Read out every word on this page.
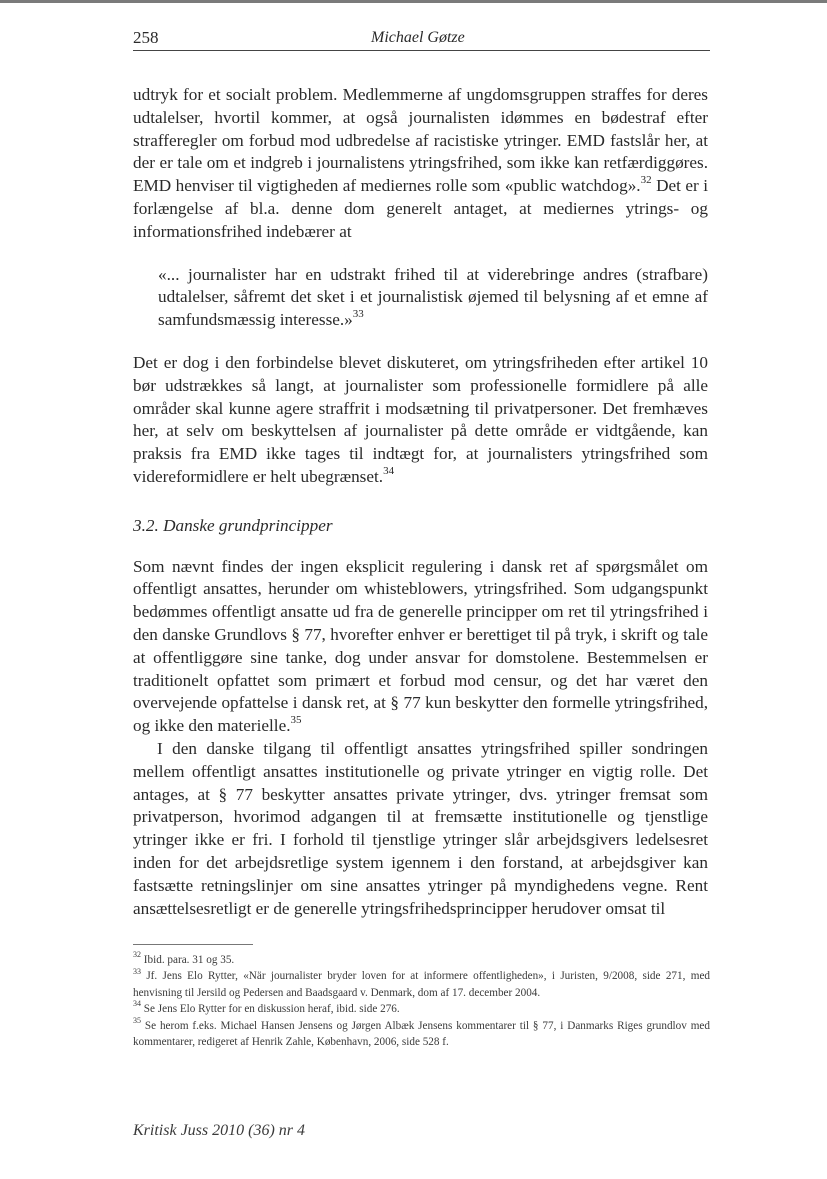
258	Michael Gøtze

udtryk for et socialt problem. Medlemmerne af ungdomsgruppen straffes for deres udtalelser, hvortil kommer, at også journalisten idømmes en bødestraf efter strafferegler om forbud mod udbredelse af racistiske ytringer. EMD fastslår her, at der er tale om et indgreb i journalistens ytringsfrihed, som ikke kan retfærdiggøres. EMD henviser til vigtigheden af mediernes rolle som «public watchdog».$^{32}$ Det er i forlængelse af bl.a. denne dom generelt antaget, at mediernes ytrings- og informationsfrihed indebærer at

«... journalister har en udstrakt frihed til at viderebringe andres (strafbare) udtalelser, såfremt det sket i et journalistisk øjemed til belysning af et emne af samfundsmæssig interesse.»$^{33}$

Det er dog i den forbindelse blevet diskuteret, om ytringsfriheden efter artikel 10 bør udstrækkes så langt, at journalister som professionelle formidlere på alle områder skal kunne agere straffrit i modsætning til privatpersoner. Det fremhæves her, at selv om beskyttelsen af journalister på dette område er vidtgående, kan praksis fra EMD ikke tages til indtægt for, at journalisters ytringsfrihed som videreformidlere er helt ubegrænset.$^{34}$

3.2. Danske grundprincipper

Som nævnt findes der ingen eksplicit regulering i dansk ret af spørgsmålet om offentligt ansattes, herunder om whisteblowers, ytringsfrihed. Som udgangspunkt bedømmes offentligt ansatte ud fra de generelle principper om ret til ytringsfrihed i den danske Grundlovs § 77, hvorefter enhver er berettiget til på tryk, i skrift og tale at offentliggøre sine tanke, dog under ansvar for domstolene. Bestemmelsen er traditionelt opfattet som primært et forbud mod censur, og det har været den overvejende opfattelse i dansk ret, at § 77 kun beskytter den formelle ytringsfrihed, og ikke den materielle.$^{35}$

I den danske tilgang til offentligt ansattes ytringsfrihed spiller sondringen mellem offentligt ansattes institutionelle og private ytringer en vigtig rolle. Det antages, at § 77 beskytter ansattes private ytringer, dvs. ytringer fremsat som privatperson, hvorimod adgangen til at fremsætte institutionelle og tjenstlige ytringer ikke er fri. I forhold til tjenstlige ytringer slår arbejdsgivers ledelsesret inden for det arbejdsretlige system igennem i den forstand, at arbejdsgiver kan fastsætte retningslinjer om sine ansattes ytringer på myndighedens vegne. Rent ansættelsesretligt er de generelle ytringsfrihedsprincipper herudover omsat til

$^{32}$ Ibid. para. 31 og 35.

$^{33}$ Jf. Jens Elo Rytter, «När journalister bryder loven for at informere offentligheden», i Juristen, 9/2008, side 271, med henvisning til Jersild og Pedersen and Baadsgaard v. Denmark, dom af 17. december 2004.

$^{34}$ Se Jens Elo Rytter for en diskussion heraf, ibid. side 276.

$^{35}$ Se herom f.eks. Michael Hansen Jensens og Jørgen Albæk Jensens kommentarer til § 77, i Danmarks Riges grundlov med kommentarer, redigeret af Henrik Zahle, København, 2006, side 528 f.

Kritisk Juss 2010 (36) nr 4
